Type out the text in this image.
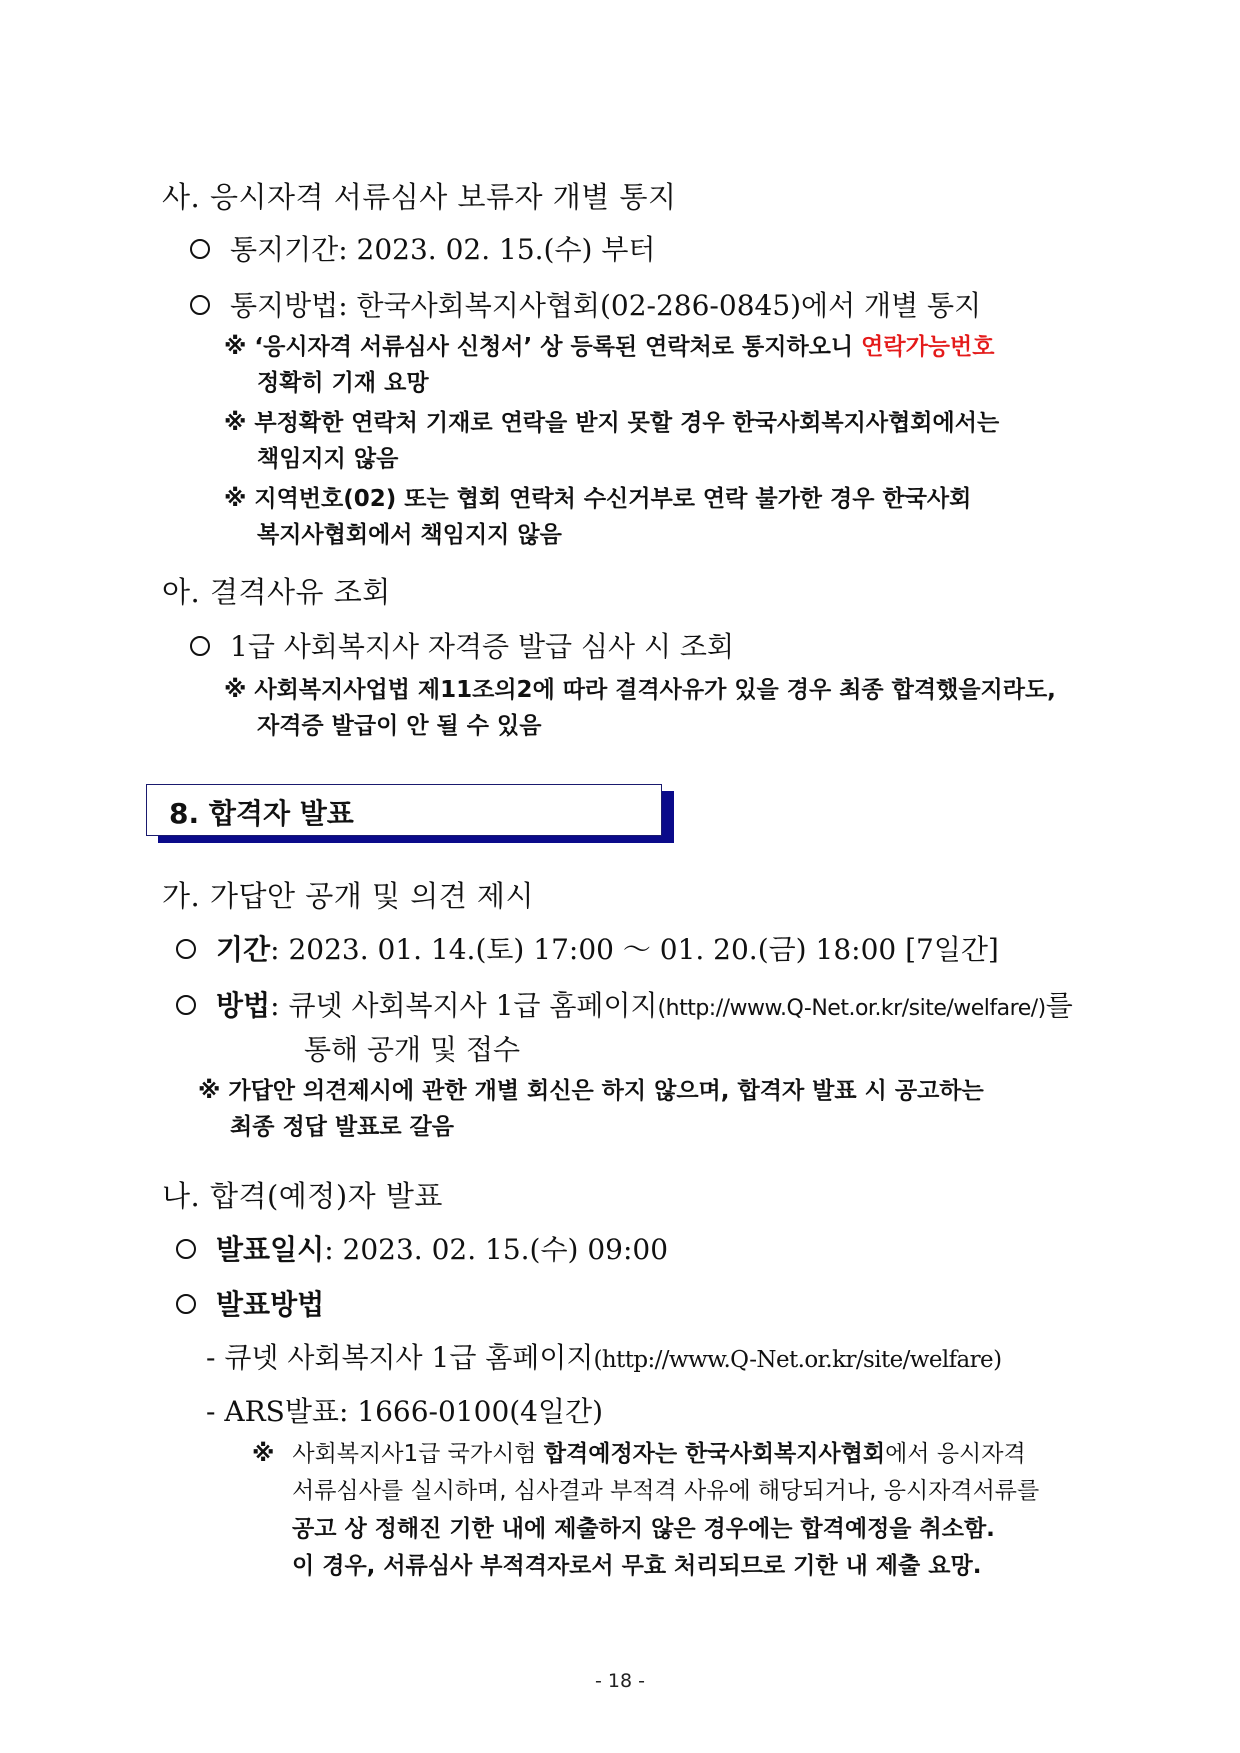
사. 응시자격 서류심사 보류자 개별 통지
통지기간: 2023. 02. 15.(수) 부터
통지방법: 한국사회복지사협회(02-286-0845)에서 개별 통지
※ ‘응시자격 서류심사 신청서’ 상 등록된 연락처로 통지하오니 연락가능번호
정확히 기재 요망
※ 부정확한 연락처 기재로 연락을 받지 못할 경우 한국사회복지사협회에서는
책임지지 않음
※ 지역번호(02) 또는 협회 연락처 수신거부로 연락 불가한 경우 한국사회
복지사협회에서 책임지지 않음
아. 결격사유 조회
1급 사회복지사 자격증 발급 심사 시 조회
※ 사회복지사업법 제11조의2에 따라 결격사유가 있을 경우 최종 합격했을지라도,
자격증 발급이 안 될 수 있음
8. 합격자 발표
가. 가답안 공개 및 의견 제시
기간: 2023. 01. 14.(토) 17:00 ～ 01. 20.(금) 18:00 [7일간]
방법: 큐넷 사회복지사 1급 홈페이지(http://www.Q-Net.or.kr/site/welfare/)를
통해 공개 및 접수
※ 가답안 의견제시에 관한 개별 회신은 하지 않으며, 합격자 발표 시 공고하는
최종 정답 발표로 갈음
나. 합격(예정)자 발표
발표일시: 2023. 02. 15.(수) 09:00
발표방법
- 큐넷 사회복지사 1급 홈페이지(http://www.Q-Net.or.kr/site/welfare)
- ARS발표: 1666-0100(4일간)
※ 사회복지사1급 국가시험 합격예정자는 한국사회복지사협회에서 응시자격
서류심사를 실시하며, 심사결과 부적격 사유에 해당되거나, 응시자격서류를
공고 상 정해진 기한 내에 제출하지 않은 경우에는 합격예정을 취소함.
이 경우, 서류심사 부적격자로서 무효 처리되므로 기한 내 제출 요망.
- 18 -
